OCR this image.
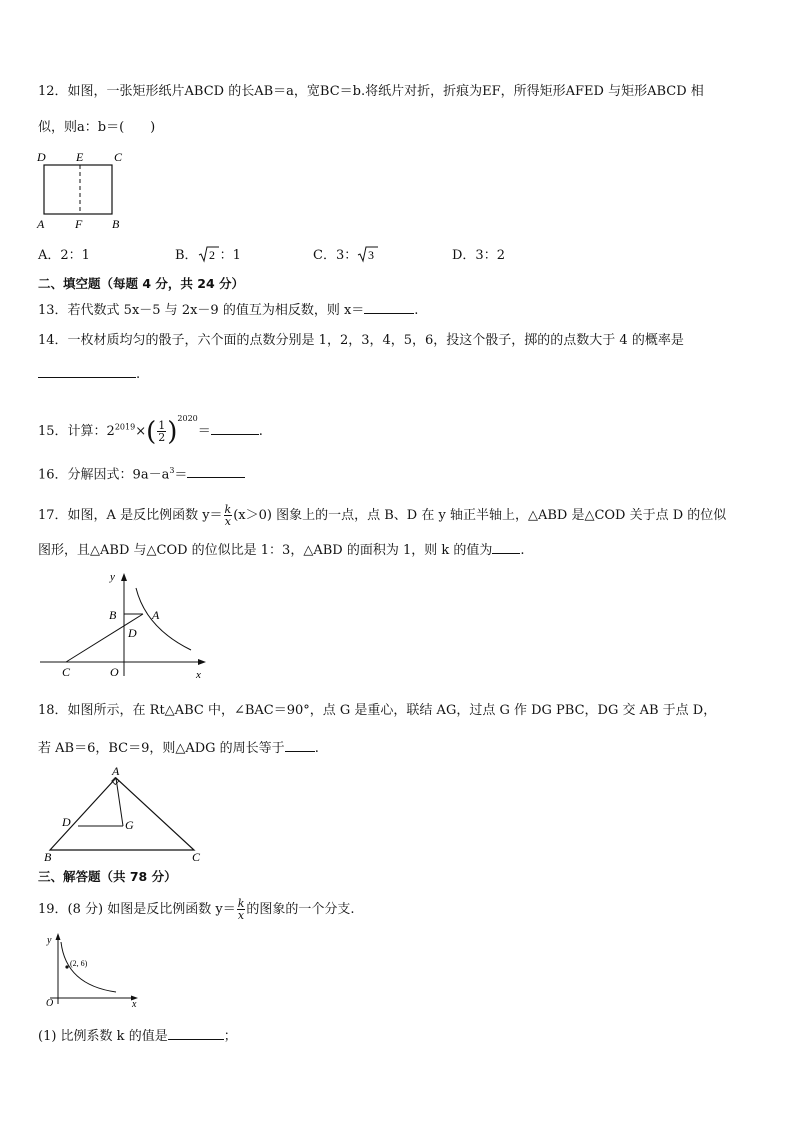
12．如图，一张矩形纸片ABCD 的长AB＝a，宽BC＝b.将纸片对折，折痕为EF，所得矩形AFED 与矩形ABCD 相
似，则a：b＝(　　)
D	E	C
A	F B
A．2：1	B． 2 ：1	C．3： 3	D．3：2
二、填空题（每题 4 分，共 24 分）
13．若代数式 5x－5 与 2x－9 的值互为相反数，则 x＝	.
14．一枚材质均匀的骰子，六个面的点数分别是 1，2，3，4，5，6，投这个骰子，掷的的点数大于 4 的概率是
.
15．计算：$2^{2019}\times( \frac{1}{2} )^{2020}=$	.
16．分解因式：$9a-a^3=$
17．如图，A 是反比例函数 $y= \frac{k}{x} (x>0)$ 图象上的一点，点 B、D 在 y 轴正半轴上，△ABD 是△COD 关于点 D 的位似
图形，且△ABD 与△COD 的位似比是 1：3，△ABD 的面积为 1，则 k 的值为 .
y
B	A
D
C	O	x
18．如图所示，在 Rt△ABC 中，∠BAC＝90°，点 G 是重心，联结 AG，过点 G 作 DG PBC，DG 交 AB 于点 D，
若 AB＝6，BC＝9，则△ADG 的周长等于 .
A
D	G
B	C
三、解答题（共 78 分）
19．(8 分) 如图是反比例函数 $y= \frac{k}{x}$ 的图象的一个分支.
y
(2, 6)
O	x
(1) 比例系数 k 的值是	；
